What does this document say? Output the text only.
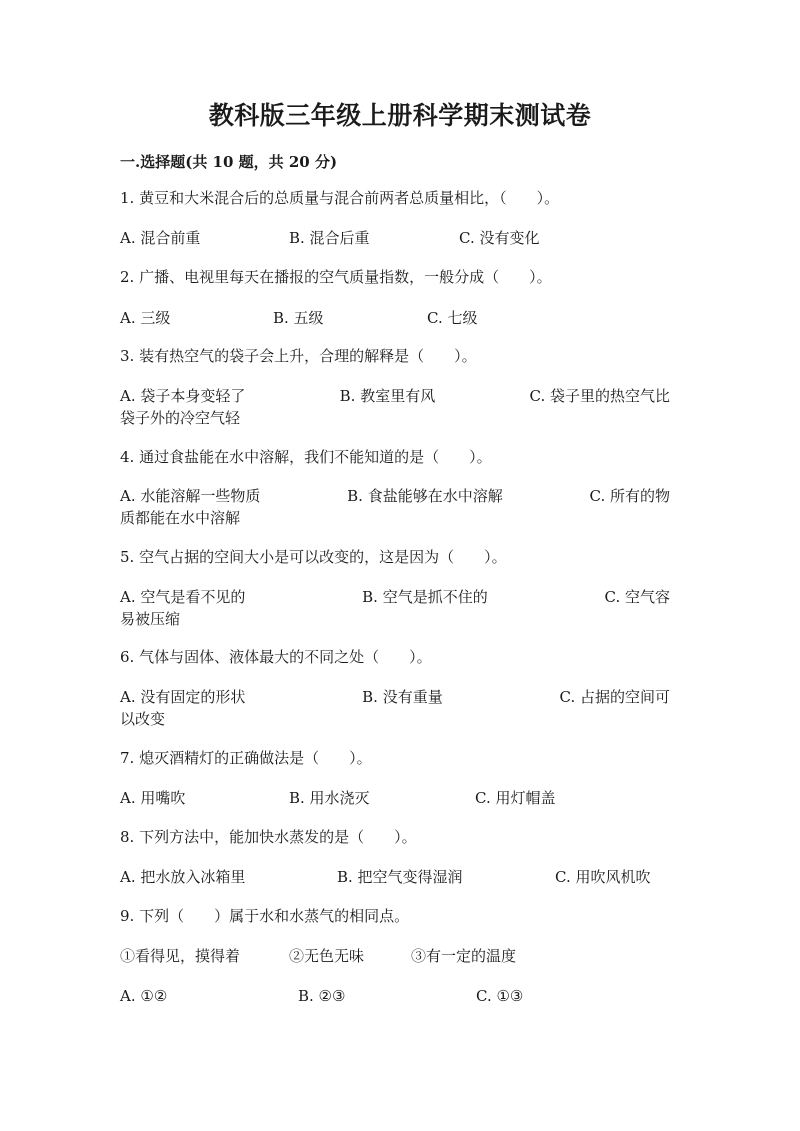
教科版三年级上册科学期末测试卷
一.选择题(共 10 题，共 20 分)
1. 黄豆和大米混合后的总质量与混合前两者总质量相比，（　　）。
A. 混合前重	B. 混合后重	C. 没有变化
2. 广播、电视里每天在播报的空气质量指数，一般分成（　　）。
A. 三级	B. 五级	C. 七级
3. 装有热空气的袋子会上升，合理的解释是（　　）。
A. 袋子本身变轻了	B. 教室里有风	C. 袋子里的热空气比
袋子外的冷空气轻
4. 通过食盐能在水中溶解，我们不能知道的是（　　）。
A. 水能溶解一些物质	B. 食盐能够在水中溶解	C. 所有的物
质都能在水中溶解
5. 空气占据的空间大小是可以改变的，这是因为（　　）。
A. 空气是看不见的	B. 空气是抓不住的	C. 空气容
易被压缩
6. 气体与固体、液体最大的不同之处（　　）。
A. 没有固定的形状	B. 没有重量	C. 占据的空间可
以改变
7. 熄灭酒精灯的正确做法是（　　）。
A. 用嘴吹	B. 用水浇灭	C. 用灯帽盖
8. 下列方法中，能加快水蒸发的是（　　）。
A. 把水放入冰箱里	B. 把空气变得湿润	C. 用吹风机吹
9. 下列（　　）属于水和水蒸气的相同点。
①看得见，摸得着	②无色无味	③有一定的温度
A. ①②	B. ②③	C. ①③
